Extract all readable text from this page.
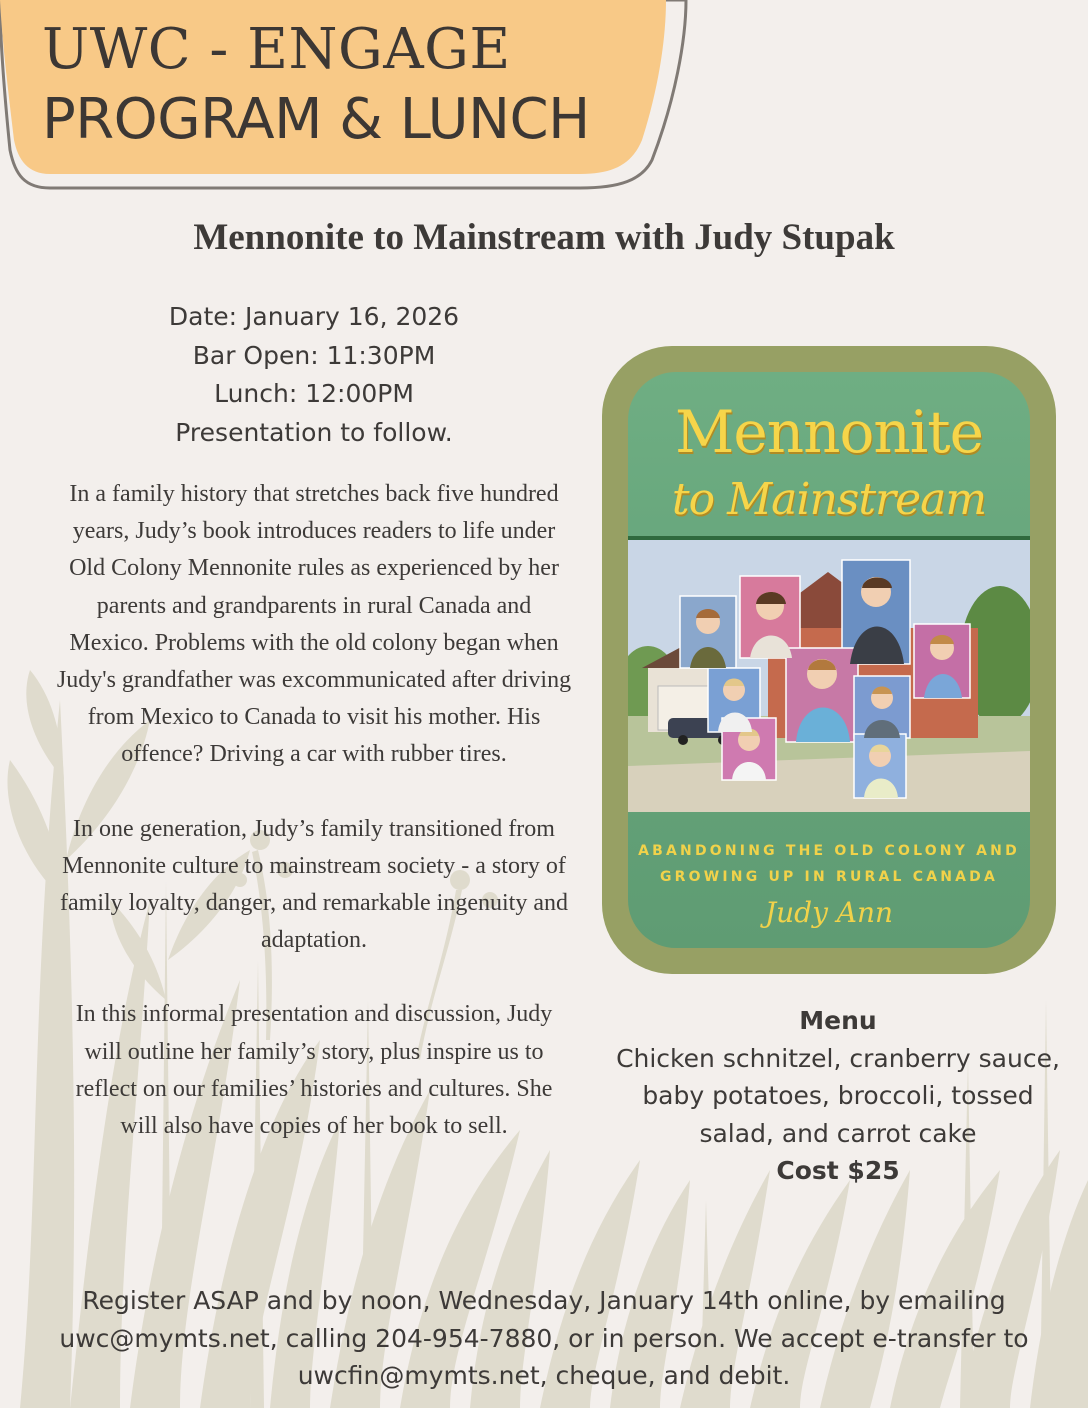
UWC - ENGAGE
PROGRAM & LUNCH
Mennonite to Mainstream with Judy Stupak
Date: January 16, 2026
Bar Open: 11:30PM
Lunch: 12:00PM
Presentation to follow.

In a family history that stretches back five hundred years, Judy’s book introduces readers to life under Old Colony Mennonite rules as experienced by her parents and grandparents in rural Canada and Mexico. Problems with the old colony began when Judy's grandfather was excommunicated after driving from Mexico to Canada to visit his mother. His offence? Driving a car with rubber tires.

In one generation, Judy’s family transitioned from Mennonite culture to mainstream society - a story of family loyalty, danger, and remarkable ingenuity and adaptation.

In this informal presentation and discussion, Judy will outline her family’s story, plus inspire us to reflect on our families’ histories and cultures. She will also have copies of her book to sell.

Mennonite
to Mainstream
ABANDONING THE OLD COLONY AND
GROWING UP IN RURAL CANADA
Judy Ann
Menu
Chicken schnitzel, cranberry sauce, baby potatoes, broccoli, tossed salad, and carrot cake
Cost $25
Register ASAP and by noon, Wednesday, January 14th online, by emailing uwc@mymts.net, calling 204-954-7880, or in person. We accept e-transfer to uwcfin@mymts.net, cheque, and debit.
